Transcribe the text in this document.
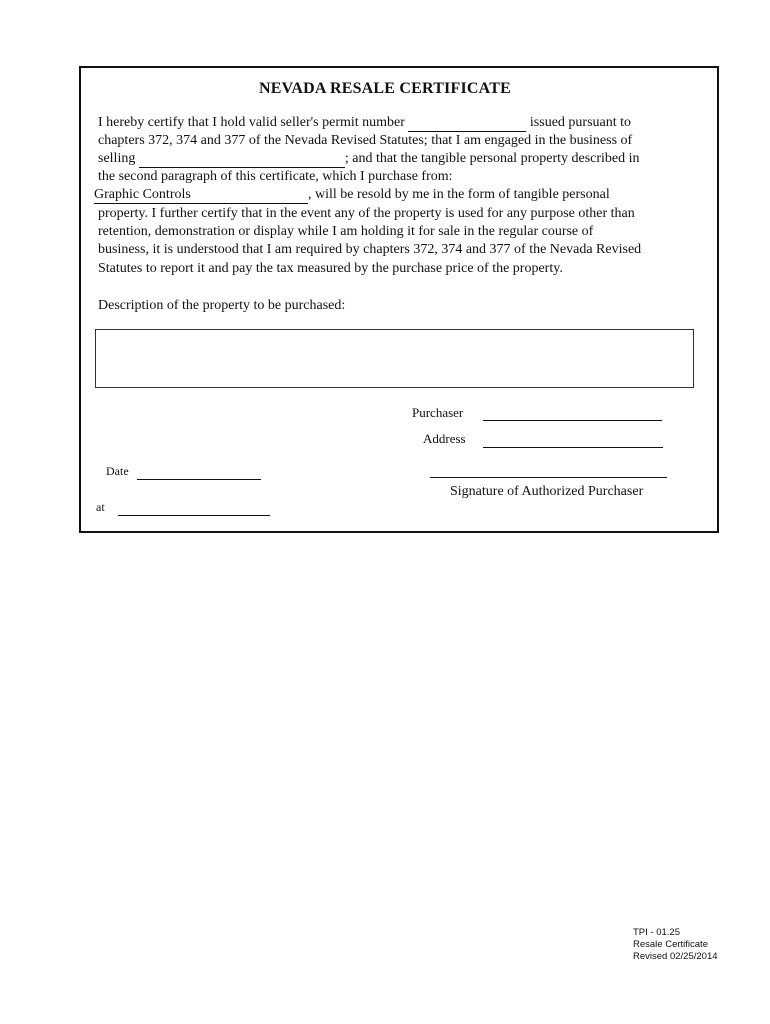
NEVADA RESALE CERTIFICATE

I hereby certify that I hold valid seller's permit number	issued pursuant to

chapters 372, 374 and 377 of the Nevada Revised Statutes; that I am engaged in the business of

selling	; and that the tangible personal property described in

the second paragraph of this certificate, which I purchase from:

Graphic Controls, will be resold by me in the form of tangible personal

property. I further certify that in the event any of the property is used for any purpose other than

retention, demonstration or display while I am holding it for sale in the regular course of

business, it is understood that I am required by chapters 372, 374 and 377 of the Nevada Revised

Statutes to report it and pay the tax measured by the purchase price of the property.

Description of the property to be purchased:

Purchaser

Address

Date

Signature of Authorized Purchaser

at

TPI - 01.25
Resale Certificate
Revised 02/25/2014
